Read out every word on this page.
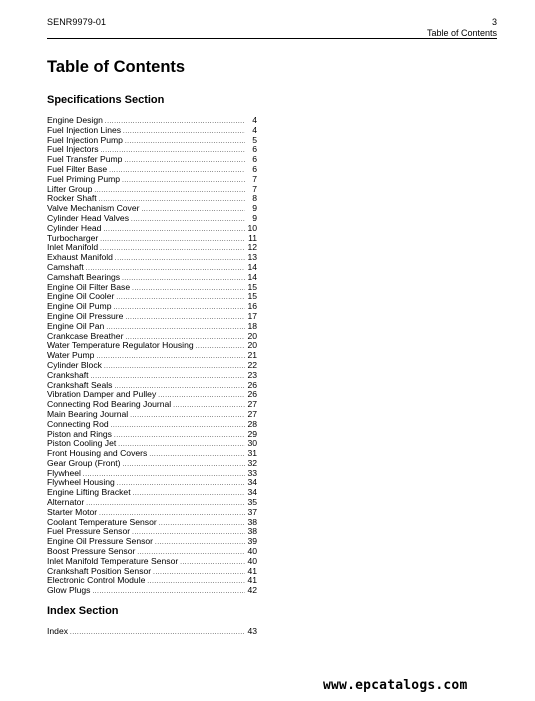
SENR9979-01	3
Table of Contents
Table of Contents
Specifications Section
Engine Design . . .	4
Fuel Injection Lines . . .	4
Fuel Injection Pump . . .	5
Fuel Injectors . . .	6
Fuel Transfer Pump . . .	6
Fuel Filter Base . . .	6
Fuel Priming Pump . . .	7
Lifter Group . . .	7
Rocker Shaft . . .	8
Valve Mechanism Cover . . .	9
Cylinder Head Valves . . .	9
Cylinder Head . . .	10
Turbocharger . . .	11
Inlet Manifold . . .	12
Exhaust Manifold . . .	13
Camshaft . . .	14
Camshaft Bearings . . .	14
Engine Oil Filter Base . . .	15
Engine Oil Cooler . . .	15
Engine Oil Pump . . .	16
Engine Oil Pressure . . .	17
Engine Oil Pan . . .	18
Crankcase Breather . . .	20
Water Temperature Regulator Housing . . .	20
Water Pump . . .	21
Cylinder Block . . .	22
Crankshaft . . .	23
Crankshaft Seals . . .	26
Vibration Damper and Pulley . . .	26
Connecting Rod Bearing Journal . . .	27
Main Bearing Journal . . .	27
Connecting Rod . . .	28
Piston and Rings . . .	29
Piston Cooling Jet . . .	30
Front Housing and Covers . . .	31
Gear Group (Front) . . .	32
Flywheel . . .	33
Flywheel Housing . . .	34
Engine Lifting Bracket . . .	34
Alternator . . .	35
Starter Motor . . .	37
Coolant Temperature Sensor . . .	38
Fuel Pressure Sensor . . .	38
Engine Oil Pressure Sensor . . .	39
Boost Pressure Sensor . . .	40
Inlet Manifold Temperature Sensor . . .	40
Crankshaft Position Sensor . . .	41
Electronic Control Module . . .	41
Glow Plugs . . .	42
Index Section
Index . . .	43
www.epcatalogs.com
